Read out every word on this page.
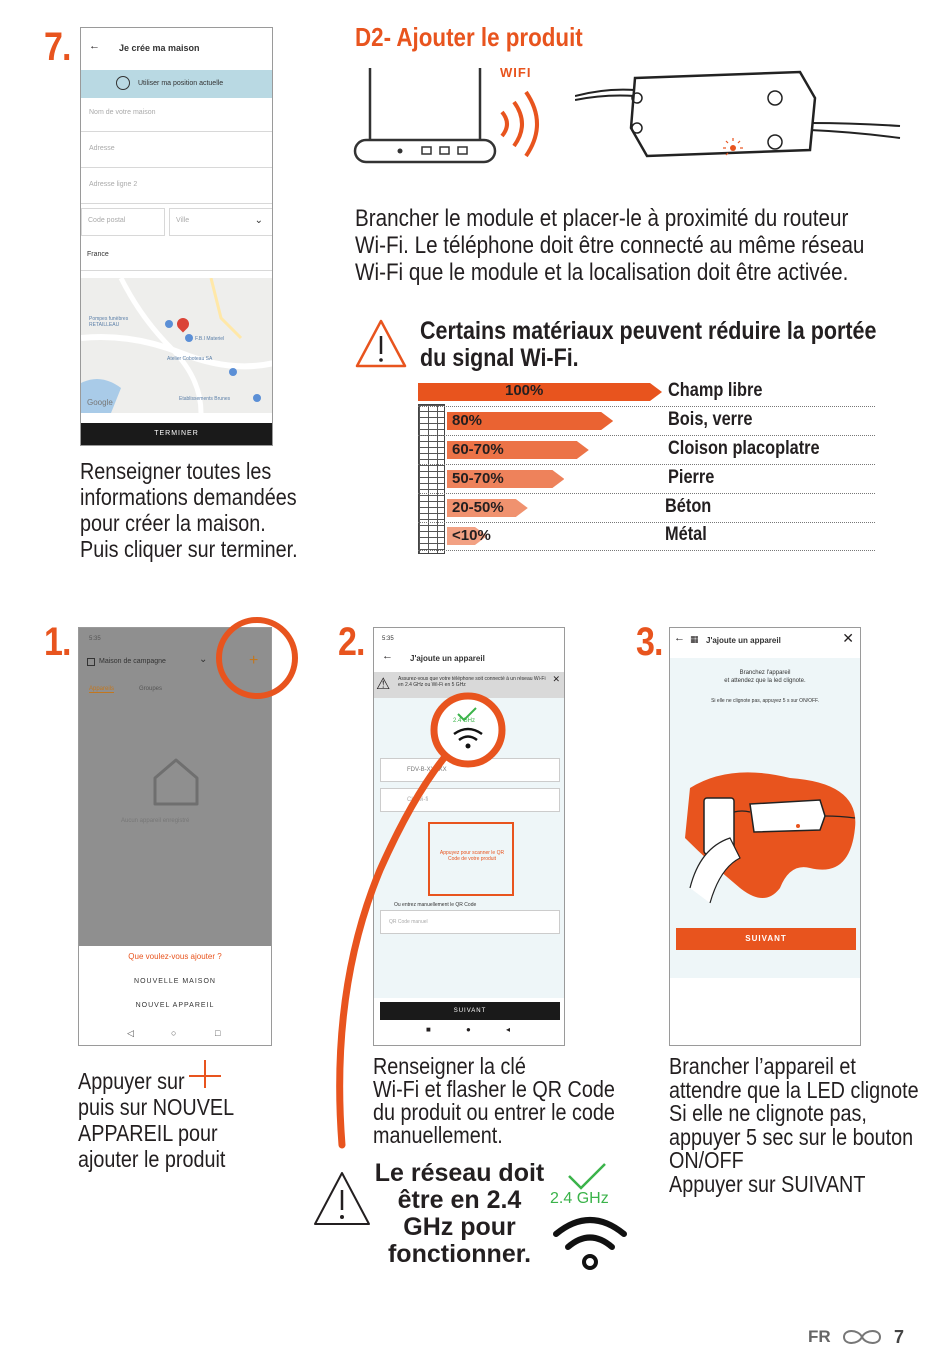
7. ← Je crée ma maison
Utiliser ma position actuelle
Nom de votre maison
Adresse
Adresse ligne 2
Code postal	Ville	⌄
France
Pompes funèbres RETAILLEAU
F.B.I Materiel
Atelier Coboteau SA
Etablissements Brunes
Google
TERMINER
Renseigner toutes les
informations demandées
pour créer la maison.
Puis cliquer sur terminer.
D2- Ajouter le produit
WIFI
Brancher le module et placer-le à proximité du routeur
Wi-Fi. Le téléphone doit être connecté au même réseau
Wi-Fi que le module et la localisation doit être activée.
Certains matériaux peuvent réduire la portée
du signal Wi-Fi.
100%	Champ libre
80%	Bois, verre
60-70%	Cloison placoplatre
50-70%	Pierre
20-50%	Béton
<10%	Métal
1.	5:35
Maison de campagne	⌄	+
Appareils	Groupes
Aucun appareil enregistré
Que voulez-vous ajouter ?
NOUVELLE MAISON
NOUVEL APPAREIL
◁	○	□
Appuyer sur
puis sur NOUVEL
APPAREIL pour
ajouter le produit
2.	5:35
← J'ajoute un appareil
⚠ Assurez-vous que votre téléphone soit connecté à un réseau Wi-Fi en 2.4 GHz ou Wi-Fi en 5 GHz
✕
FDV-B-XXXXX
Clé wi-fi
Appuyez pour scanner le QR Code de votre produit
Ou entrez manuellement le QR Code
QR Code manuel
SUIVANT
■	●	◂
2.4 GHz
Renseigner la clé
Wi-Fi et flasher le QR Code
du produit ou entrer le code
manuellement.
Le réseau doit
être en 2.4
GHz pour
fonctionner.
2.4 GHz
3. ← ▦ J'ajoute un appareil	✕
Branchez l'appareil
et attendez que la led clignote.
Si elle ne clignote pas, appuyez 5 s sur ON/OFF.
SUIVANT
Brancher l’appareil et
attendre que la LED clignote
Si elle ne clignote pas,
appuyer 5 sec sur le bouton
ON/OFF
Appuyer sur SUIVANT
FR	7
